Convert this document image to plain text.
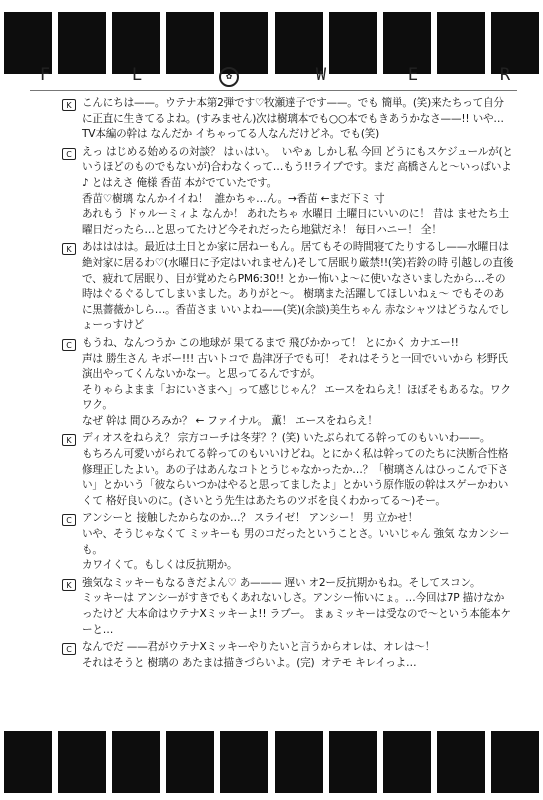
F	L	✿	W	E	R
K こんにちは——。ウテナ本第2弾です♡牧瀬達子です——。でも 簡単。(笑)来たちって自分に正直に生きてるよね。(すみません)次は樹璃本でも○○本でもきあうかなさ——!! いや… TV本編の幹は なんだか イちゃってる人なんだけどネ。でも(笑)
C えっ はじめる始めるの対談？ はぃはい。  いやぁ しかし私 今回 どうにもスケジュールが(というほどのものでもないが)合わなくって…もう!!ライブです。まだ 高橋さんと〜いっぱいよ♪ とはえさ 俺様 香苗 本がでていたです。
香苗♡樹璃 なんかイイね！  誰かちゃ…ん。→香苗 ←まだ下ミ 寸
あれもう ドゥルーミィよ なんか！ あれたちゃ 水曜日 土曜日にいいのに！ 昔は ませたち土曜日だったら…と思ってたけど今それだったら地獄だネ！ 毎日ハニー！ 全！
K あはははは。最近は土日とか家に居ねーもん。居てもその時間寝てたりするし——水曜日は絶対家に居るわ♡(水曜日に予定はいれません)そして居眠り厳禁!!(笑)若鈴の時 引越しの直後で、疲れて居眠り、目が覚めたらPM6:30!! とかー怖いよ〜に使いなさいましたから…その時はぐるぐるしてしまいました。ありがと〜。 樹璃また活躍してほしいねぇ～ でもそのあに黒薔薇かしら…。香苗さま いいよね——(笑)(余談)美生ちゃん 赤なシャツはどうなんでしょーっすけど
C もうね、なんつうか この地球が 果てるまで 飛びかかって！ とにかく カナエー!!
声は 勝生さん キボー!!! 古いトコで 島津冴子でも可！ それはそうと一回でいいから 杉野氏 演出やってくんないかなー。と思ってるんですが。
そりゃらよまま「おにいさまへ」って感じじゃん？ エースをねらえ！ほぼそもあるな。ワクワク。
なぜ 幹は 間ひろみか？ ← ファイナル。 薫！ エースをねらえ！
K ディオスをねらえ？ 宗方コーチは冬芽？？(笑) いたぶられてる幹ってのもいいわ——。
もちろん可愛いがられてる幹ってのもいいけどね。とにかく私は幹ってのたちに決断合性格修理正したよい。あの子はあんなコトとうじゃなかったか…？「樹璃さんはひっこんで下さい」とかいう「彼ならいつかはやると思ってましたよ」とかいう原作版の幹はスゲーかわいくて 格好良いのに。(さいとう先生はあたちのツボを良くわかってる〜)そー。
C アンシーと 接触したからなのか…？ スライゼ！ アンシー！ 男 立かせ！
いや、そうじゃなくて ミッキーも 男のコだったということさ。いいじゃん 強気 なカンシーも。
カワイくて。もしくは反抗期か。
K 強気なミッキーもなるきだよん♡ あ——— 遅い オ2ー反抗期かもね。そしてスコン。
ミッキーは アンシーがすきでもくあれないしさ。アンシー怖いにょ。…今回は7P 描けなかったけど 大本命はウテナXミッキーよ!! ラブー。 まぁミッキーは受なので〜という本能本ケーと…
C なんでだ ——君がウテナXミッキーやりたいと言うからオレは、オレは〜！
それはそうと 樹璃の あたまは描きづらいよ。(完)  オテモ キレイっよ…
